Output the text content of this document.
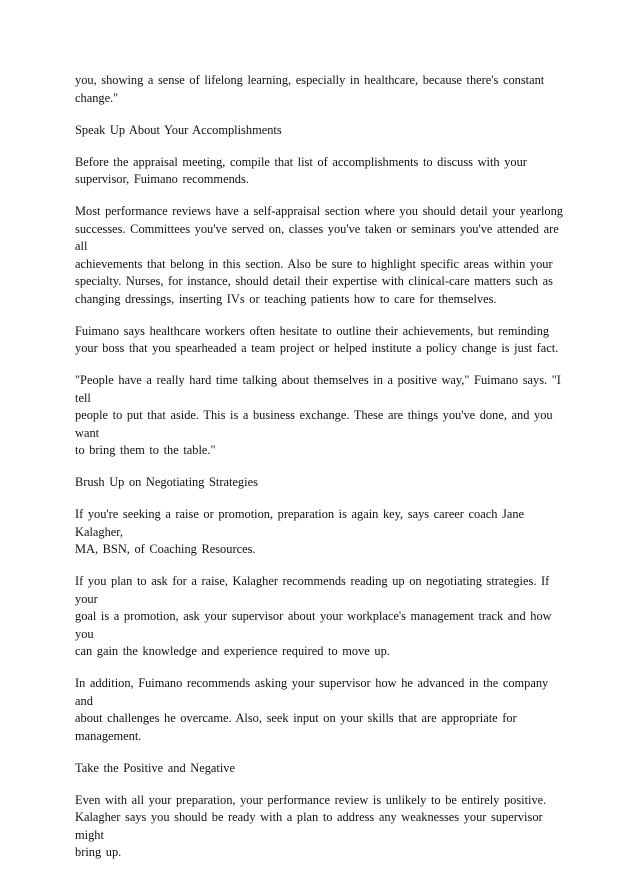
you, showing a sense of lifelong learning, especially in healthcare, because there's constant

change."

Speak Up About Your Accomplishments

Before the appraisal meeting, compile that list of accomplishments to discuss with your

supervisor, Fuimano recommends.

Most performance reviews have a self-appraisal section where you should detail your yearlong

successes. Committees you've served on, classes you've taken or seminars you've attended are all

achievements that belong in this section. Also be sure to highlight specific areas within your

specialty. Nurses, for instance, should detail their expertise with clinical-care matters such as

changing dressings, inserting IVs or teaching patients how to care for themselves.

Fuimano says healthcare workers often hesitate to outline their achievements, but reminding

your boss that you spearheaded a team project or helped institute a policy change is just fact.

"People have a really hard time talking about themselves in a positive way," Fuimano says. "I tell

people to put that aside. This is a business exchange. These are things you've done, and you want

to bring them to the table."

Brush Up on Negotiating Strategies

If you're seeking a raise or promotion, preparation is again key, says career coach Jane Kalagher,

MA, BSN, of Coaching Resources.

If you plan to ask for a raise, Kalagher recommends reading up on negotiating strategies. If your

goal is a promotion, ask your supervisor about your workplace's management track and how you

can gain the knowledge and experience required to move up.

In addition, Fuimano recommends asking your supervisor how he advanced in the company and

about challenges he overcame. Also, seek input on your skills that are appropriate for

management.

Take the Positive and Negative

Even with all your preparation, your performance review is unlikely to be entirely positive.

Kalagher says you should be ready with a plan to address any weaknesses your supervisor might

bring up.
